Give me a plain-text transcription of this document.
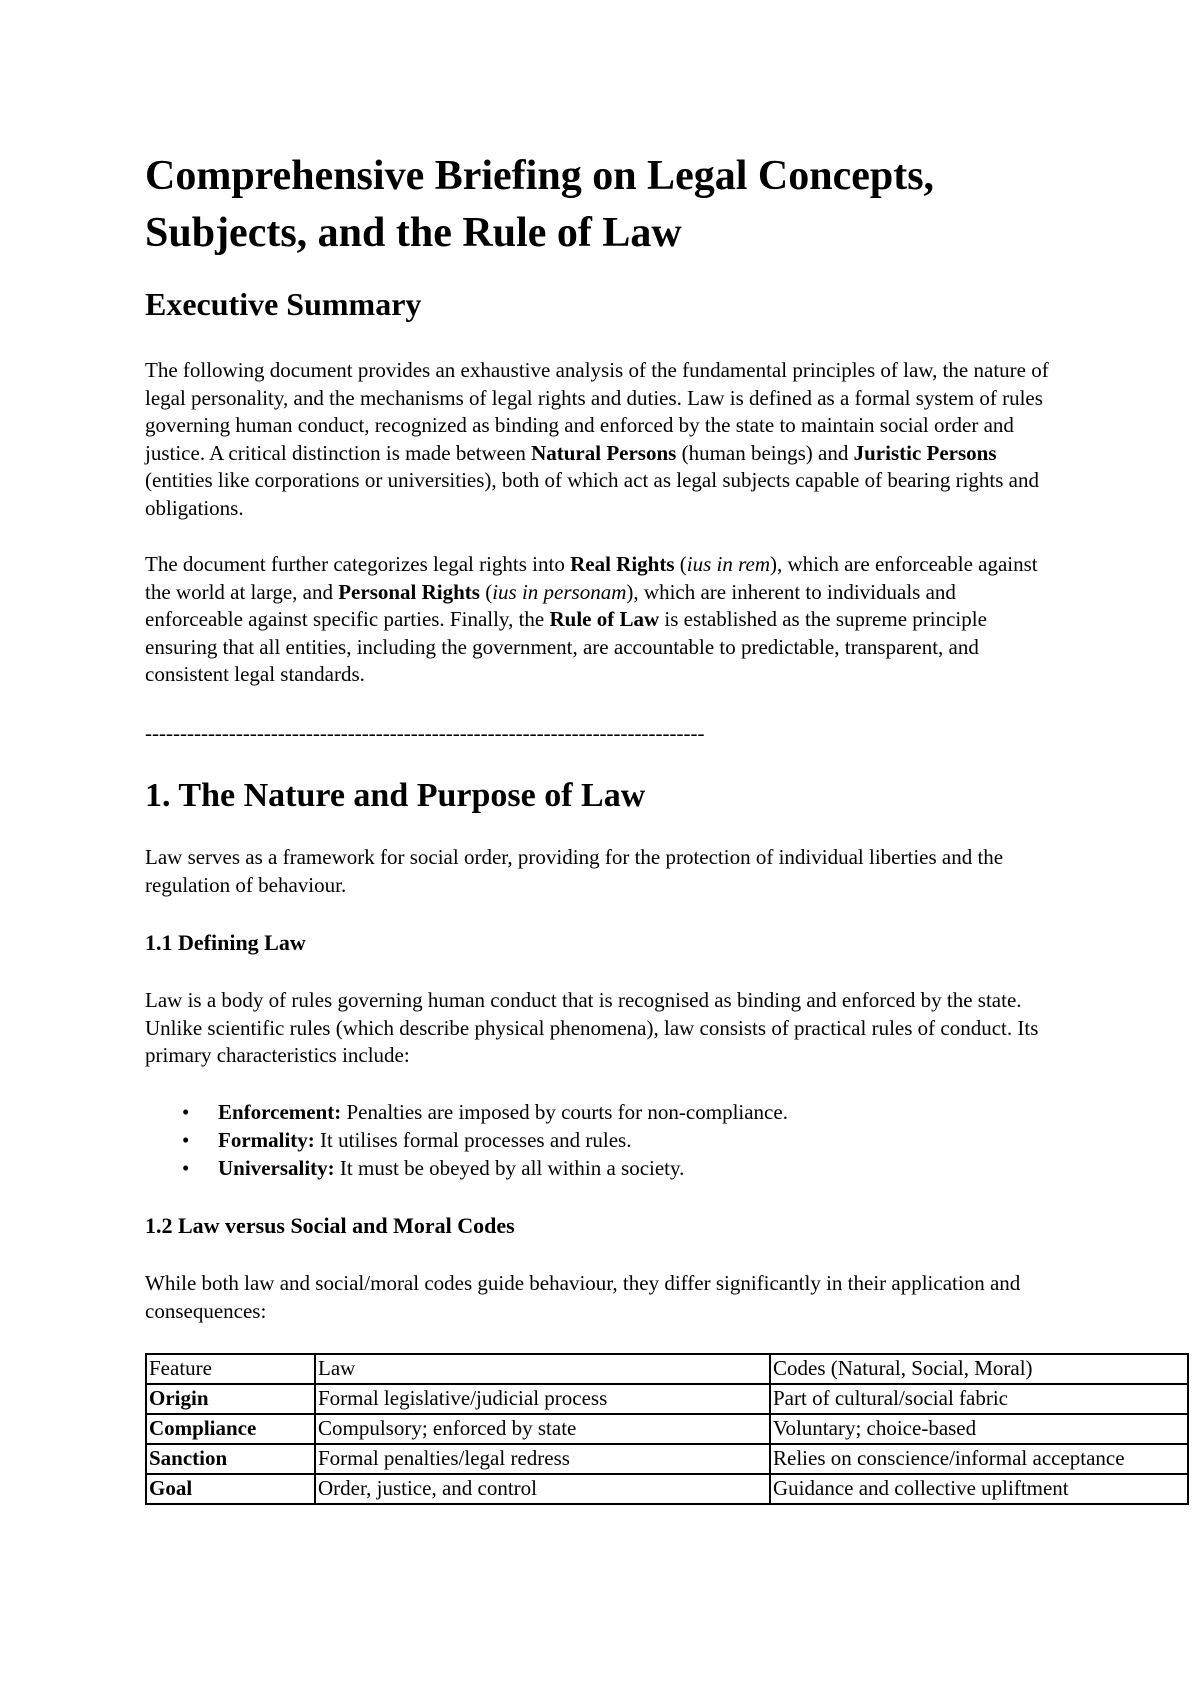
Comprehensive Briefing on Legal Concepts, Subjects, and the Rule of Law
Executive Summary

The following document provides an exhaustive analysis of the fundamental principles of law, the nature of legal personality, and the mechanisms of legal rights and duties. Law is defined as a formal system of rules governing human conduct, recognized as binding and enforced by the state to maintain social order and justice. A critical distinction is made between Natural Persons (human beings) and Juristic Persons (entities like corporations or universities), both of which act as legal subjects capable of bearing rights and obligations.

The document further categorizes legal rights into Real Rights (ius in rem), which are enforceable against the world at large, and Personal Rights (ius in personam), which are inherent to individuals and enforceable against specific parties. Finally, the Rule of Law is established as the supreme principle ensuring that all entities, including the government, are accountable to predictable, transparent, and consistent legal standards.

--------------------------------------------------------------------------------
1. The Nature and Purpose of Law

Law serves as a framework for social order, providing for the protection of individual liberties and the regulation of behaviour.

1.1 Defining Law

Law is a body of rules governing human conduct that is recognised as binding and enforced by the state. Unlike scientific rules (which describe physical phenomena), law consists of practical rules of conduct. Its primary characteristics include:

• Enforcement: Penalties are imposed by courts for non-compliance.
• Formality: It utilises formal processes and rules.
• Universality: It must be obeyed by all within a society.
1.2 Law versus Social and Moral Codes

While both law and social/moral codes guide behaviour, they differ significantly in their application and consequences:

Feature	Law	Codes (Natural, Social, Moral)
Origin	Formal legislative/judicial process	Part of cultural/social fabric
Compliance	Compulsory; enforced by state	Voluntary; choice-based
Sanction	Formal penalties/legal redress	Relies on conscience/informal acceptance
Goal	Order, justice, and control	Guidance and collective upliftment
